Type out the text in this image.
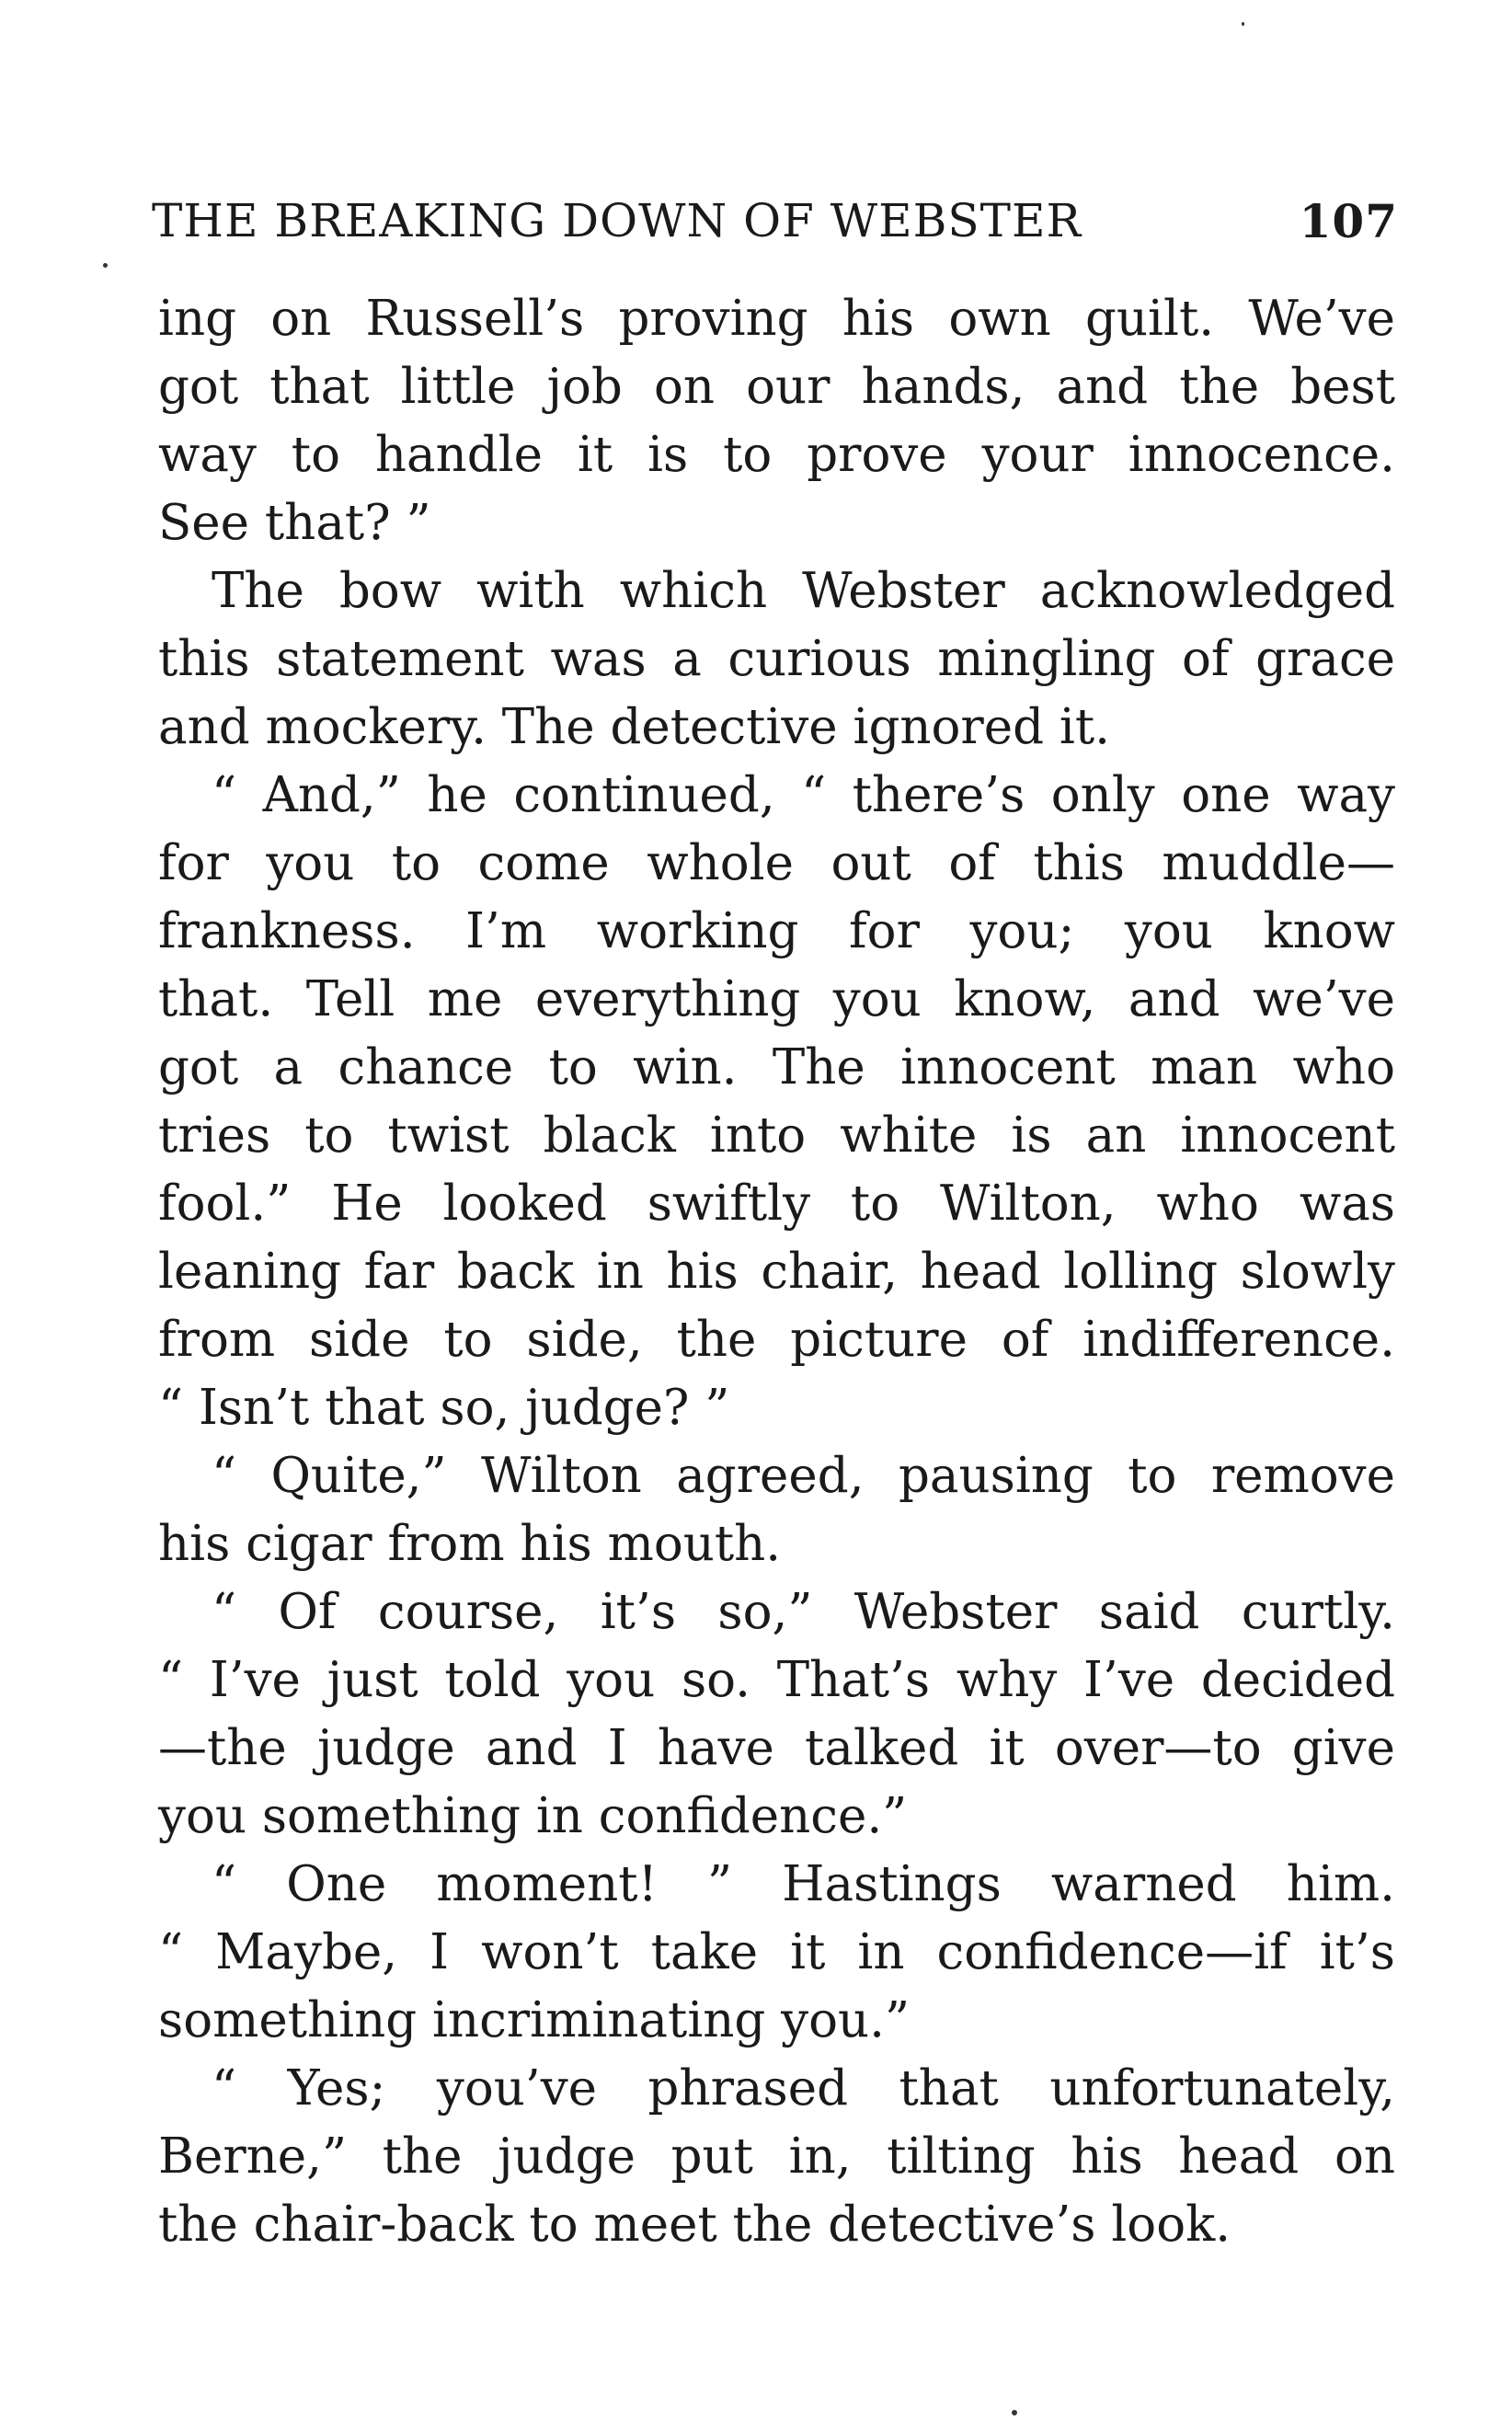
THE BREAKING DOWN OF WEBSTER	107
ing on Russell’s proving his own guilt. We’ve
got that little job on our hands, and the best
way to handle it is to prove your innocence.
See that? ”
The bow with which Webster acknowledged
this statement was a curious mingling of grace
and mockery. The detective ignored it.
“ And,” he continued, “ there’s only one way
for you to come whole out of this muddle—
frankness. I’m working for you; you know
that. Tell me everything you know, and we’ve
got a chance to win. The innocent man who
tries to twist black into white is an innocent
fool.” He looked swiftly to Wilton, who was
leaning far back in his chair, head lolling slowly
from side to side, the picture of indifference.
“ Isn’t that so, judge? ”
“ Quite,” Wilton agreed, pausing to remove
his cigar from his mouth.
“ Of course, it’s so,” Webster said curtly.
“ I’ve just told you so. That’s why I’ve decided
—the judge and I have talked it over—to give
you something in confidence.”
“ One moment! ” Hastings warned him.
“ Maybe, I won’t take it in confidence—if it’s
something incriminating you.”
“ Yes; you’ve phrased that unfortunately,
Berne,” the judge put in, tilting his head on
the chair-back to meet the detective’s look.
